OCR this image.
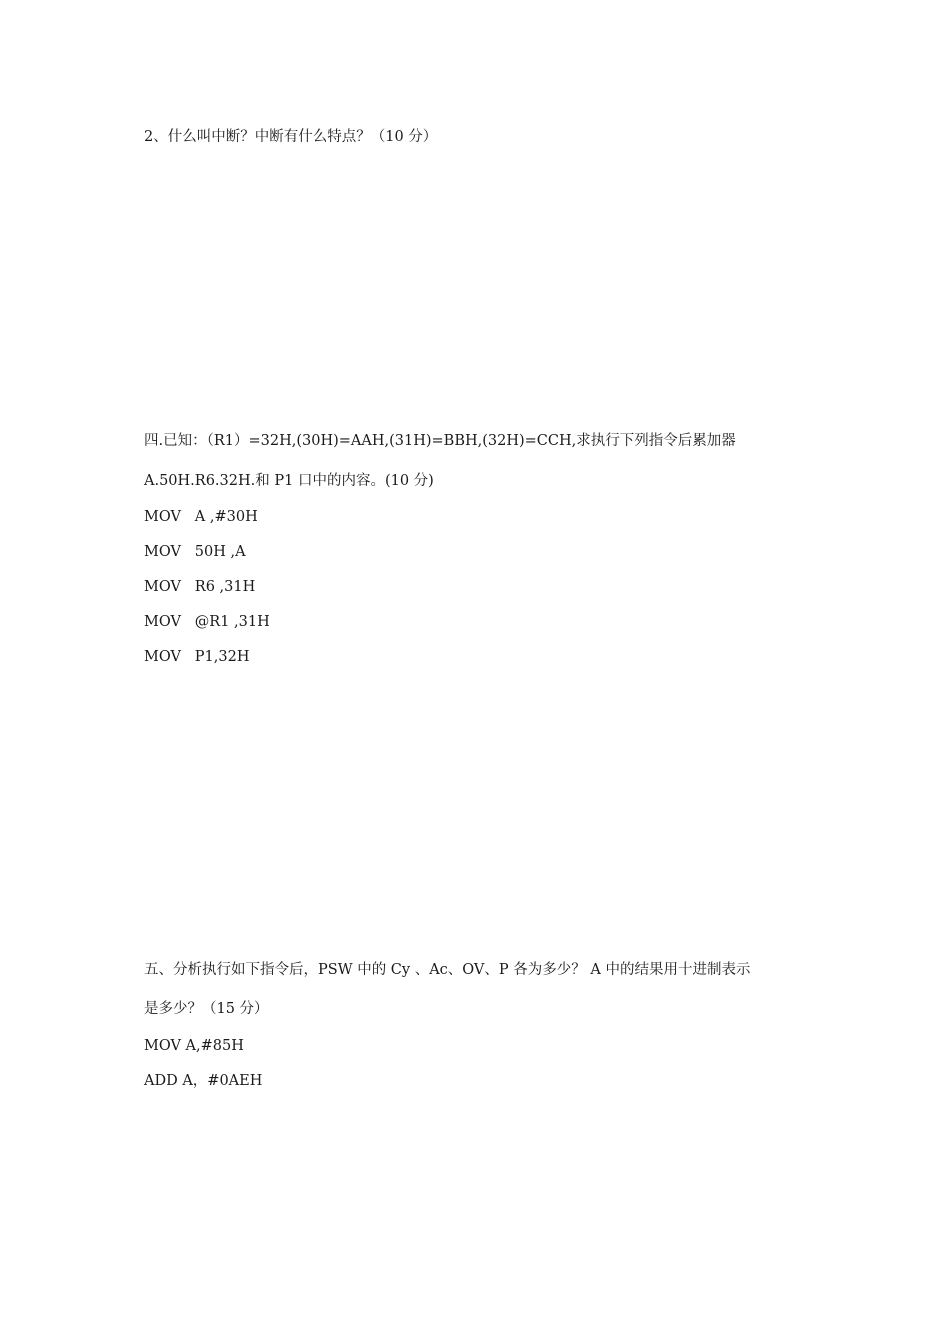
2、什么叫中断？中断有什么特点？（10 分）
四.已知：（R1）=32H,(30H)=AAH,(31H)=BBH,(32H)=CCH,求执行下列指令后累加器
A.50H.R6.32H.和 P1 口中的内容。(10 分)
MOV   A ,#30H
MOV   50H ,A
MOV   R6 ,31H
MOV   @R1 ,31H
MOV   P1,32H
五、分析执行如下指令后，PSW 中的 Cy 、Ac、OV、P 各为多少？ A 中的结果用十进制表示
是多少？（15 分）
MOV A,#85H
ADD A，#0AEH
